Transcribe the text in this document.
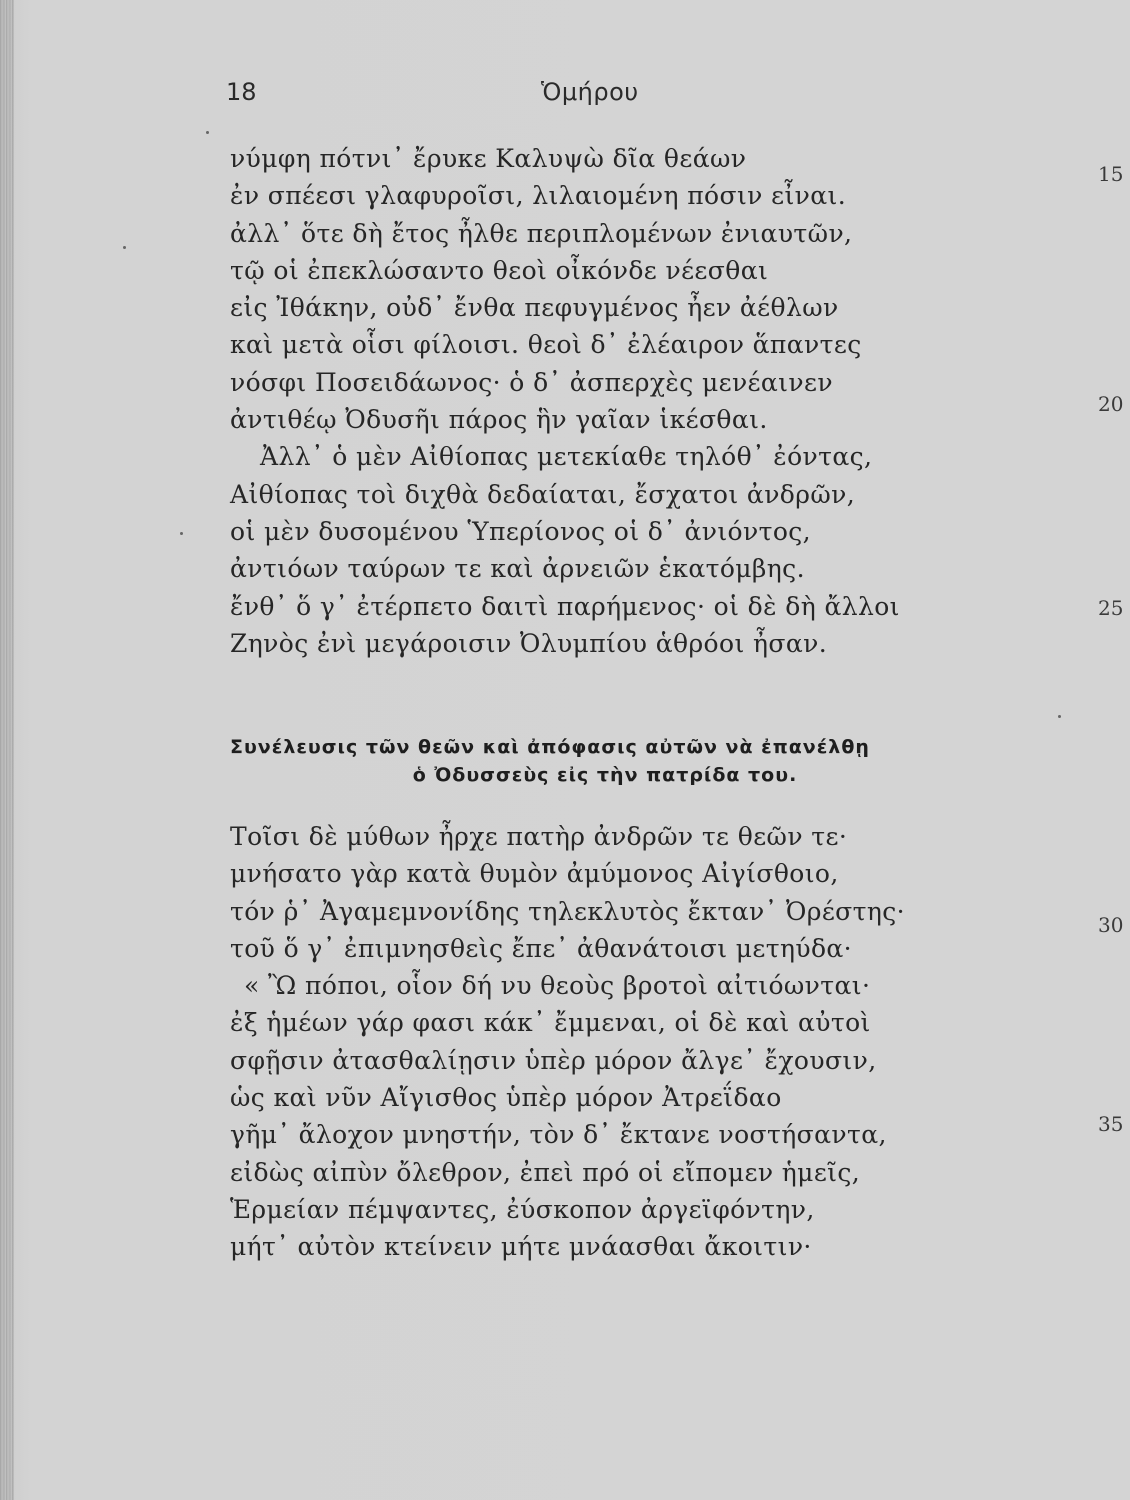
18	Ὁμήρου
νύμφη πότνι᾽ ἔρυκε Καλυψὼ δῖα θεάων
ἐν σπέεσι γλαφυροῖσι, λιλαιομένη πόσιν εἶναι.
ἀλλ᾽ ὅτε δὴ ἔτος ἦλθε περιπλομένων ἐνιαυτῶν,
τῷ οἱ ἐπεκλώσαντο θεοὶ οἶκόνδε νέεσθαι
εἰς Ἰθάκην, οὐδ᾽ ἔνθα πεφυγμένος ἦεν ἀέθλων
καὶ μετὰ οἷσι φίλοισι. θεοὶ δ᾽ ἐλέαιρον ἅπαντες
νόσφι Ποσειδάωνος· ὁ δ᾽ ἀσπερχὲς μενέαινεν
ἀντιθέῳ Ὀδυσῆι πάρος ἣν γαῖαν ἱκέσθαι.
Ἀλλ᾽ ὁ μὲν Αἰθίοπας μετεκίαθε τηλόθ᾽ ἐόντας,
Αἰθίοπας τοὶ διχθὰ δεδαίαται, ἔσχατοι ἀνδρῶν,
οἱ μὲν δυσομένου Ὑπερίονος οἱ δ᾽ ἀνιόντος,
ἀντιόων ταύρων τε καὶ ἀρνειῶν ἑκατόμβης.
ἔνθ᾽ ὅ γ᾽ ἐτέρπετο δαιτὶ παρήμενος· οἱ δὲ δὴ ἄλλοι
Ζηνὸς ἐνὶ μεγάροισιν Ὀλυμπίου ἁθρόοι ἦσαν.
Συνέλευσις τῶν θεῶν καὶ ἀπόφασις αὐτῶν νὰ ἐπανέλθῃ
ὁ Ὀδυσσεὺς εἰς τὴν πατρίδα του.
Τοῖσι δὲ μύθων ἦρχε πατὴρ ἀνδρῶν τε θεῶν τε·
μνήσατο γὰρ κατὰ θυμὸν ἀμύμονος Αἰγίσθοιο,
τόν ῥ᾽ Ἀγαμεμνονίδης τηλεκλυτὸς ἔκταν᾽ Ὀρέστης·
τοῦ ὅ γ᾽ ἐπιμνησθεὶς ἔπε᾽ ἀθανάτοισι μετηύδα·
« Ὢ πόποι, οἷον δή νυ θεοὺς βροτοὶ αἰτιόωνται·
ἐξ ἡμέων γάρ φασι κάκ᾽ ἔμμεναι, οἱ δὲ καὶ αὐτοὶ
σφῇσιν ἀτασθαλίῃσιν ὑπὲρ μόρον ἄλγε᾽ ἔχουσιν,
ὡς καὶ νῦν Αἴγισθος ὑπὲρ μόρον Ἀτρεΐδαο
γῆμ᾽ ἄλοχον μνηστήν, τὸν δ᾽ ἔκτανε νοστήσαντα,
εἰδὼς αἰπὺν ὄλεθρον, ἐπεὶ πρό οἱ εἴπομεν ἡμεῖς,
Ἑρμείαν πέμψαντες, ἐύσκοπον ἀργεϊφόντην,
μήτ᾽ αὐτὸν κτείνειν μήτε μνάασθαι ἄκοιτιν·
15
20
25
30
35
